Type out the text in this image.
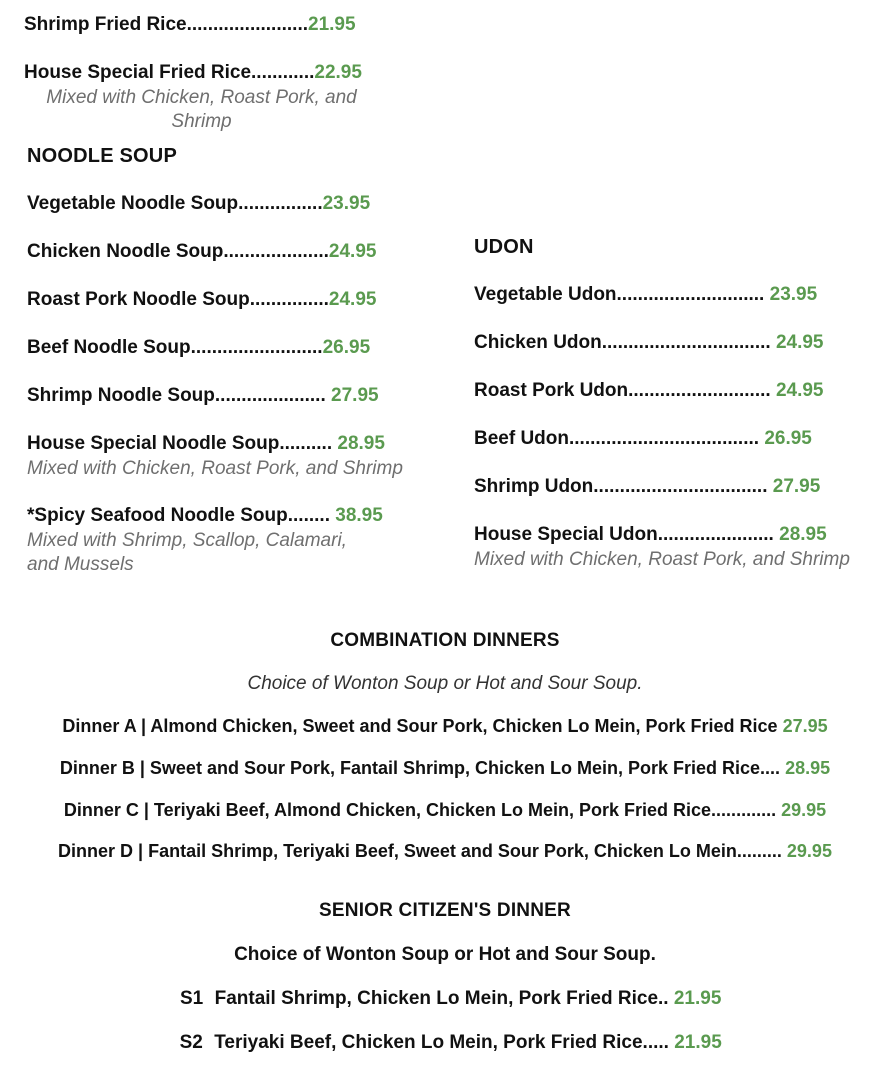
Shrimp Fried Rice.......................21.95
House Special Fried Rice............22.95
Mixed with Chicken, Roast Pork, and Shrimp
NOODLE SOUP
Vegetable Noodle Soup................23.95
Chicken Noodle Soup....................24.95
Roast Pork Noodle Soup...............24.95
Beef Noodle Soup.........................26.95
Shrimp Noodle Soup..................... 27.95
House Special Noodle Soup.......... 28.95
Mixed with Chicken, Roast Pork, and Shrimp
*Spicy Seafood Noodle Soup........ 38.95
Mixed with Shrimp, Scallop, Calamari, and Mussels
UDON
Vegetable Udon............................ 23.95
Chicken Udon................................ 24.95
Roast Pork Udon........................... 24.95
Beef Udon.................................... 26.95
Shrimp Udon................................. 27.95
House Special Udon...................... 28.95
Mixed with Chicken, Roast Pork, and Shrimp
COMBINATION DINNERS
Choice of Wonton Soup or Hot and Sour Soup.
Dinner A | Almond Chicken, Sweet and Sour Pork, Chicken Lo Mein, Pork Fried Rice 27.95
Dinner B | Sweet and Sour Pork, Fantail Shrimp, Chicken Lo Mein, Pork Fried Rice.... 28.95
Dinner C | Teriyaki Beef, Almond Chicken, Chicken Lo Mein, Pork Fried Rice............. 29.95
Dinner D | Fantail Shrimp, Teriyaki Beef, Sweet and Sour Pork, Chicken Lo Mein......... 29.95
SENIOR CITIZEN'S DINNER
Choice of Wonton Soup or Hot and Sour Soup.
S1 Fantail Shrimp, Chicken Lo Mein, Pork Fried Rice.. 21.95
S2 Teriyaki Beef, Chicken Lo Mein, Pork Fried Rice..... 21.95
